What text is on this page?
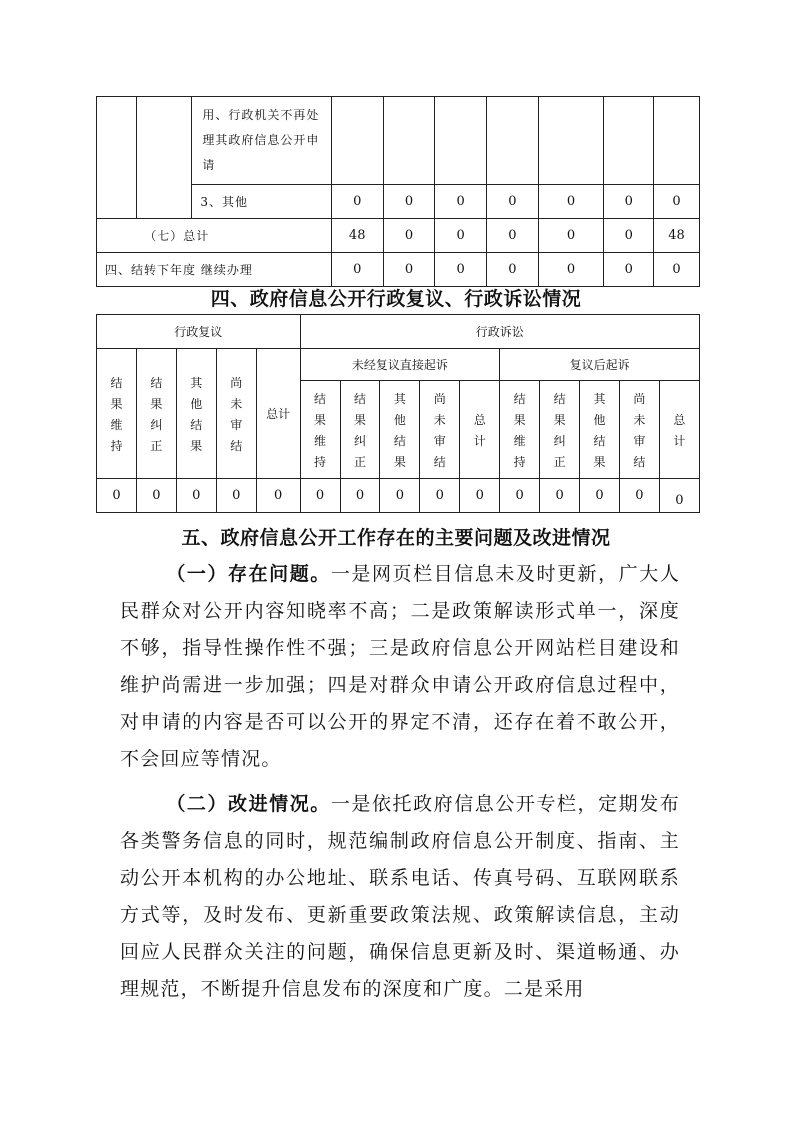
		用、行政机关不再处理其政府信息公开申请							
		3、其他	0	0	0	0	0	0	0
	（七）总计		48	0	0	0	0	0	48
四、结转下年度 继续办理			0	0	0	0	0	0	0
四、政府信息公开行政复议、行政诉讼情况
行政复议					行政诉讼									
结果维持	结果纠正	其他结果	尚未审结	总计	未经复议直接起诉					复议后起诉				
					结果维持	结果纠正	其他结果	尚未审结	总计	结果维持	结果纠正	其他结果	尚未审结	总计
0	0	0	0	0	0	0	0	0	0	0	0	0	0	0
五、政府信息公开工作存在的主要问题及改进情况
（一）存在问题。一是网页栏目信息未及时更新，广大人民群众对公开内容知晓率不高；二是政策解读形式单一，深度不够，指导性操作性不强；三是政府信息公开网站栏目建设和维护尚需进一步加强；四是对群众申请公开政府信息过程中，对申请的内容是否可以公开的界定不清，还存在着不敢公开，不会回应等情况。
（二）改进情况。一是依托政府信息公开专栏，定期发布各类警务信息的同时，规范编制政府信息公开制度、指南、主动公开本机构的办公地址、联系电话、传真号码、互联网联系方式等，及时发布、更新重要政策法规、政策解读信息，主动回应人民群众关注的问题，确保信息更新及时、渠道畅通、办理规范，不断提升信息发布的深度和广度。二是采用
